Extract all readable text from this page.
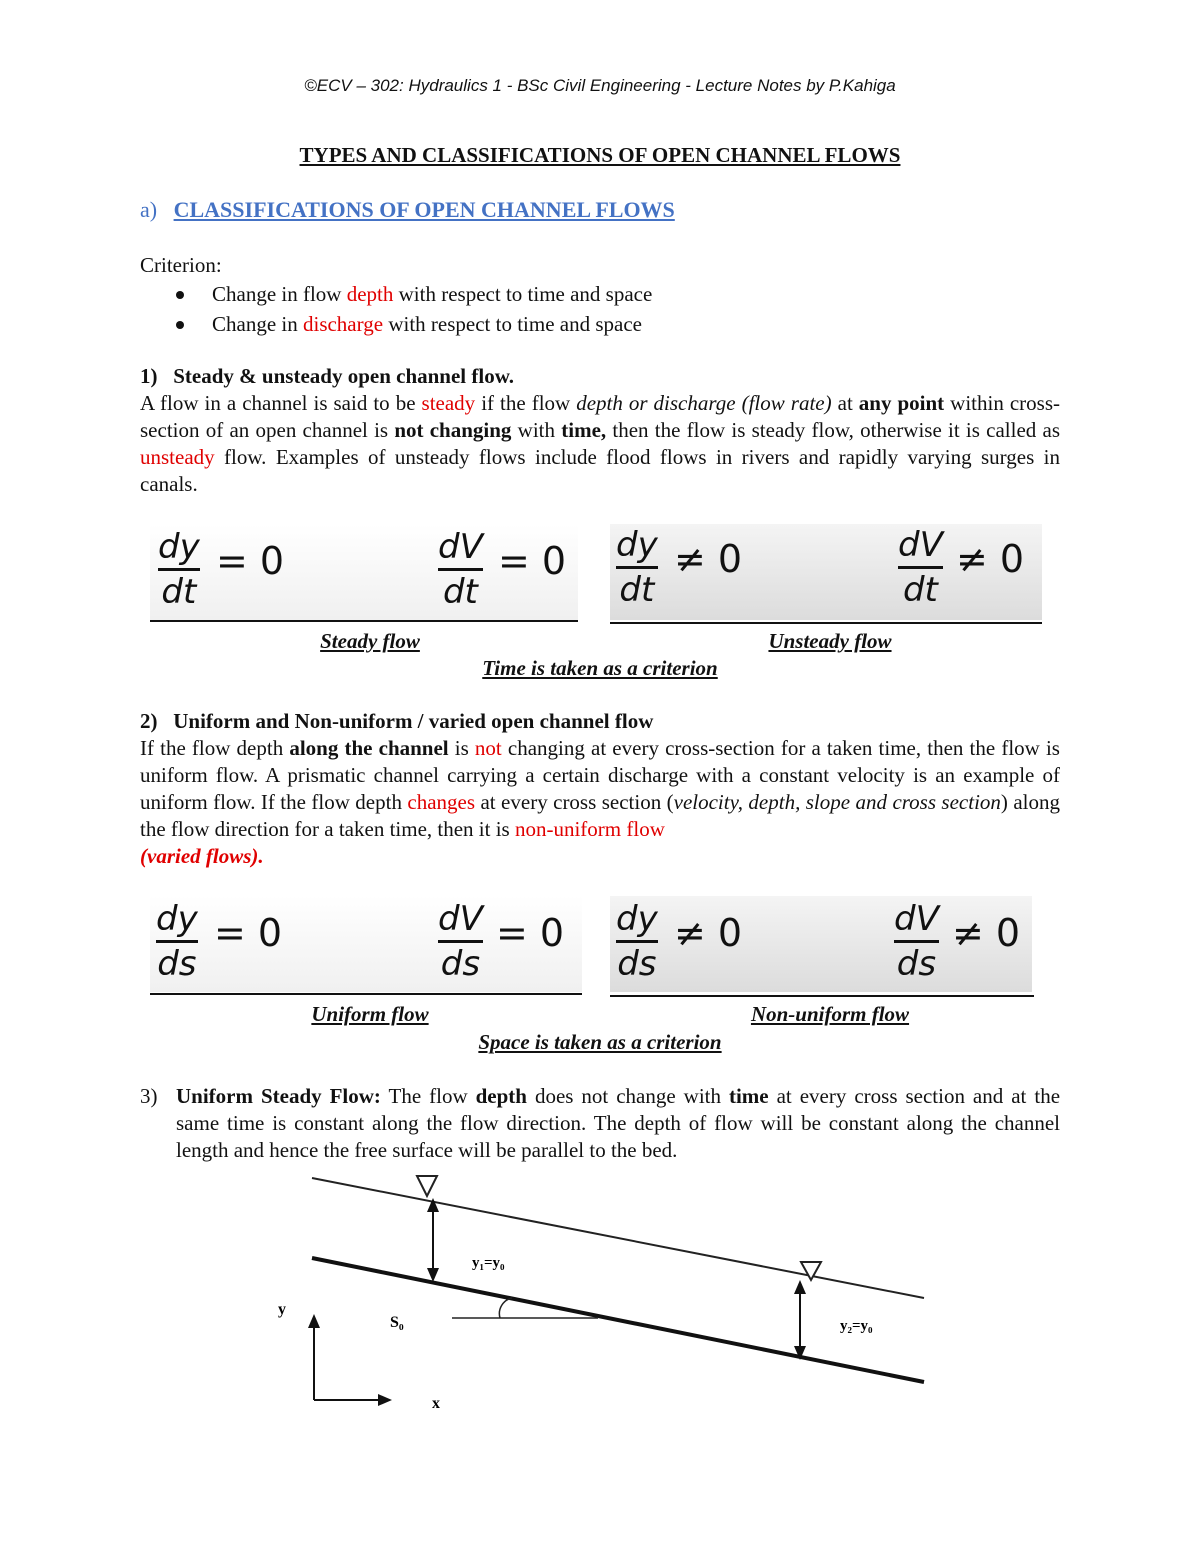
©ECV – 302: Hydraulics 1 - BSc Civil Engineering - Lecture Notes by P.Kahiga
TYPES AND CLASSIFICATIONS OF OPEN CHANNEL FLOWS
a) CLASSIFICATIONS OF OPEN CHANNEL FLOWS
Criterion:
Change in flow depth with respect to time and space
Change in discharge with respect to time and space
1) Steady & unsteady open channel flow.

A flow in a channel is said to be steady if the flow depth or discharge (flow rate) at any point within cross-section of an open channel is not changing with time, then the flow is steady flow, otherwise it is called as unsteady flow. Examples of unsteady flows include flood flows in rivers and rapidly varying surges in canals.

dy
dt
= 0	dV
dt
= 0 dy
dt
≠ 0	dV
dt
≠ 0
Steady flow	Unsteady flow
Time is taken as a criterion
2) Uniform and Non-uniform / varied open channel flow

If the flow depth along the channel is not changing at every cross-section for a taken time, then the flow is uniform flow. A prismatic channel carrying a certain discharge with a constant velocity is an example of uniform flow. If the flow depth changes at every cross section (velocity, depth, slope and cross section) along the flow direction for a taken time, then it is non-uniform flow
(varied flows).

dy
ds
= 0	dV
ds
= 0 dy
ds
≠ 0	dV
ds
≠ 0
Uniform flow	Non-uniform flow
Space is taken as a criterion
3) Uniform Steady Flow: The flow depth does not change with time at every cross section and at the same time is constant along the flow direction. The depth of flow will be constant along the channel length and hence the free surface will be parallel to the bed.
y₁=y₀
y₂=y₀
S₀
y
x
